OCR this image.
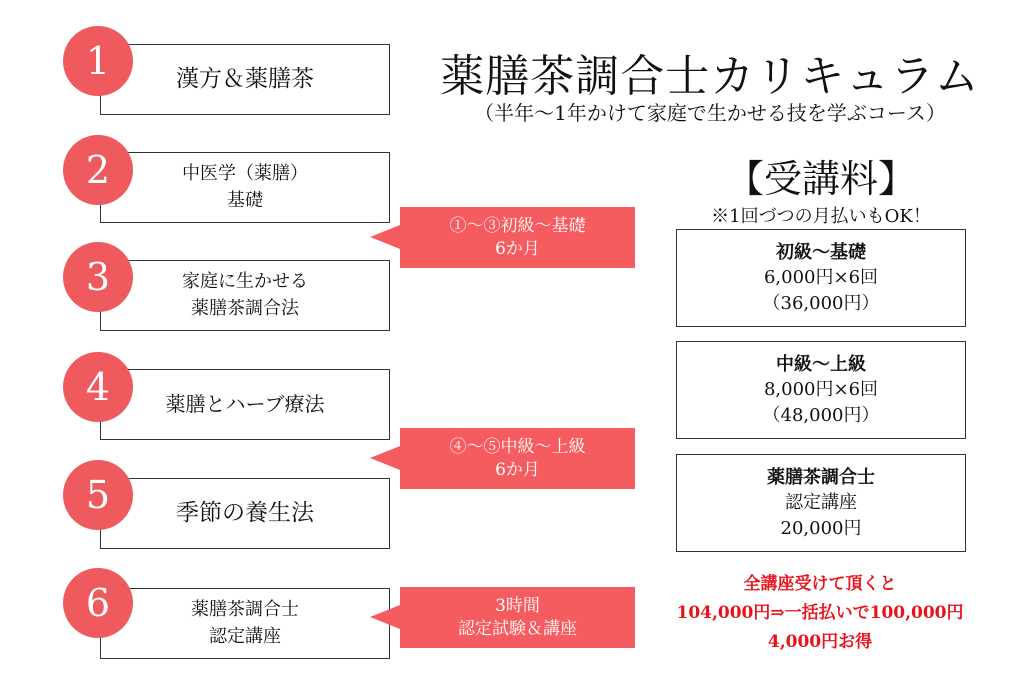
薬膳茶調合士カリキュラム
（半年〜1年かけて家庭で生かせる技を学ぶコース）
漢方＆薬膳茶
1
中医学（薬膳）
基礎
2
家庭に生かせる
薬膳茶調合法
3
薬膳とハーブ療法
4
季節の養生法
5
薬膳茶調合士
認定講座
6
①〜③初級〜基礎
6か月
④〜⑤中級〜上級
6か月
3時間
認定試験＆講座
【受講料】
※1回づつの月払いもOK！
初級〜基礎
6,000円×6回
（36,000円）
中級〜上級
8,000円×6回
（48,000円）
薬膳茶調合士
認定講座
20,000円
全講座受けて頂くと
104,000円⇒一括払いで100,000円
4,000円お得
